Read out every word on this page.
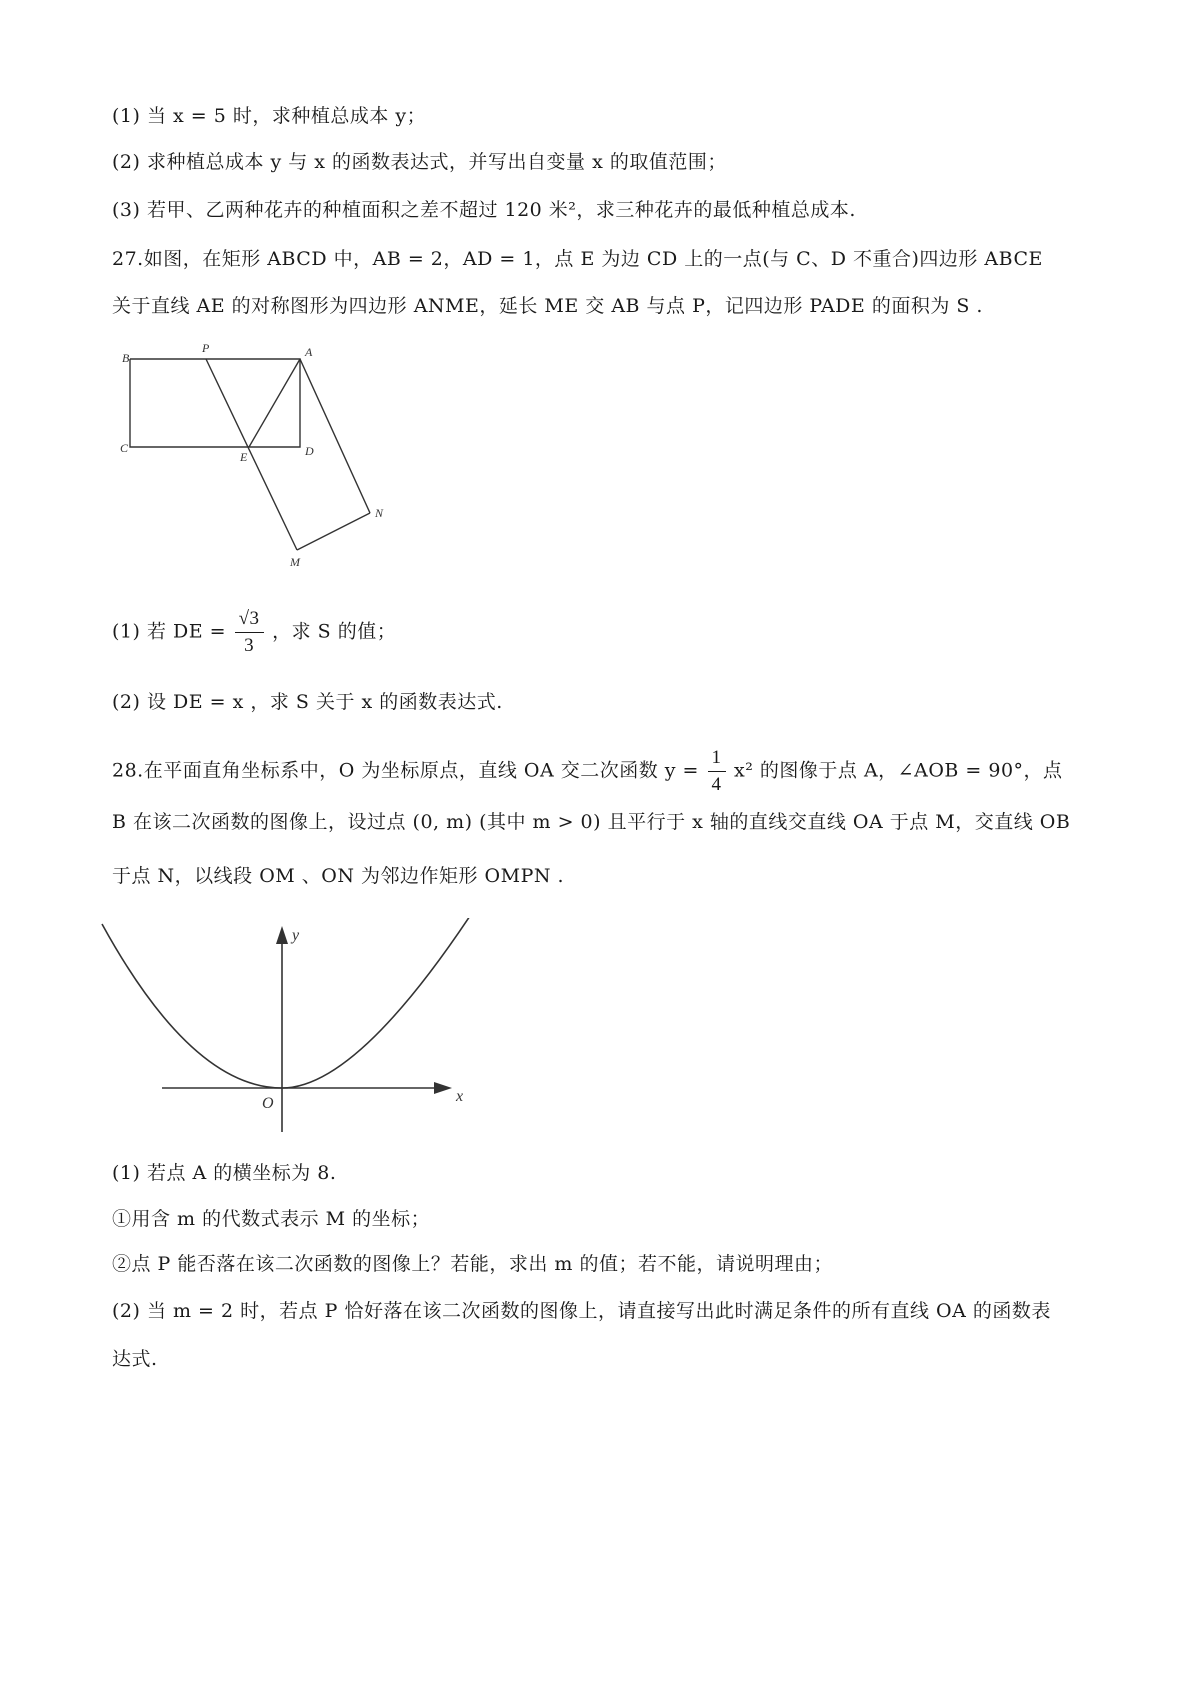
(1) 当 x = 5 时，求种植总成本 y；
(2) 求种植总成本 y 与 x 的函数表达式，并写出自变量 x 的取值范围；
(3) 若甲、乙两种花卉的种植面积之差不超过 120 米²，求三种花卉的最低种植总成本.
27.如图，在矩形 ABCD 中，AB = 2，AD = 1，点 E 为边 CD 上的一点(与 C、D 不重合)四边形 ABCE
关于直线 AE 的对称图形为四边形 ANME，延长 ME 交 AB 与点 P，记四边形 PADE 的面积为 S .
B
P	A
C
E	D
N
M
(1) 若 DE = $\frac{√3}{3}$ ，求 S 的值；
(2) 设 DE = x ，求 S 关于 x 的函数表达式.
28.在平面直角坐标系中，O 为坐标原点，直线 OA 交二次函数 $y = \frac{1}{4} x^2$ 的图像于点 A，∠AOB = 90°，点
B 在该二次函数的图像上，设过点 (0, m) (其中 m > 0) 且平行于 x 轴的直线交直线 OA 于点 M，交直线 OB
于点 N，以线段 OM 、ON 为邻边作矩形 OMPN .
y
x
O
(1) 若点 A 的横坐标为 8.
①用含 m 的代数式表示 M 的坐标；
②点 P 能否落在该二次函数的图像上？若能，求出 m 的值；若不能，请说明理由；
(2) 当 m = 2 时，若点 P 恰好落在该二次函数的图像上，请直接写出此时满足条件的所有直线 OA 的函数表
达式.
